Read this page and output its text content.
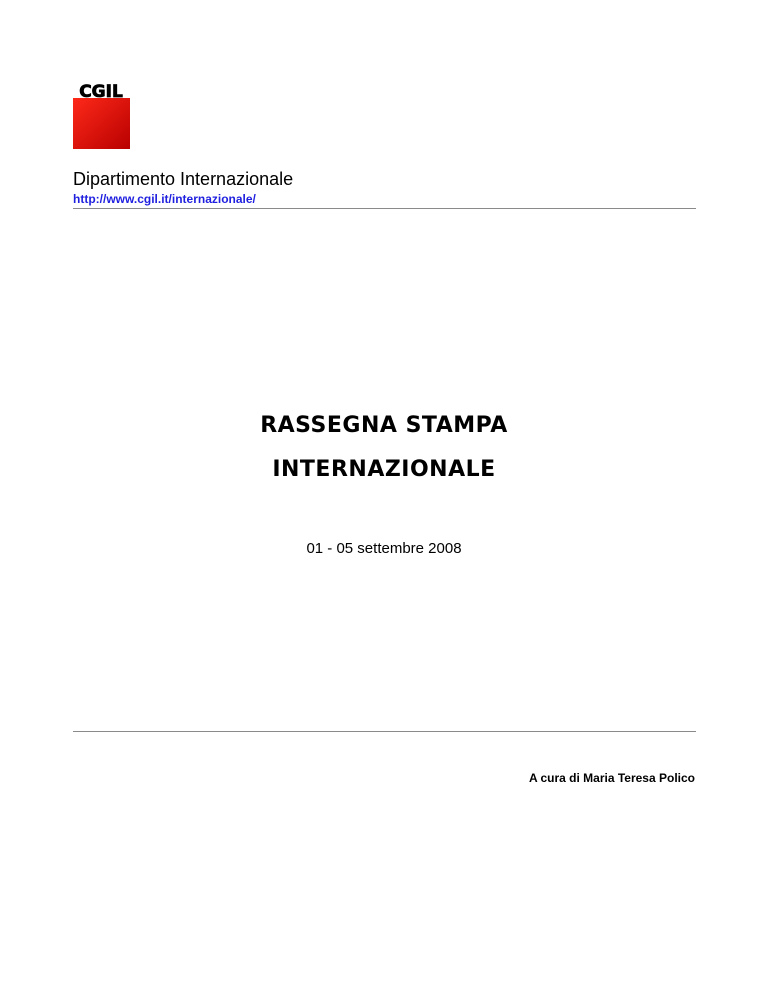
CGIL
Dipartimento Internazionale
http://www.cgil.it/internazionale/
RASSEGNA STAMPA
INTERNAZIONALE
01 - 05 settembre 2008
A cura di Maria Teresa Polico
